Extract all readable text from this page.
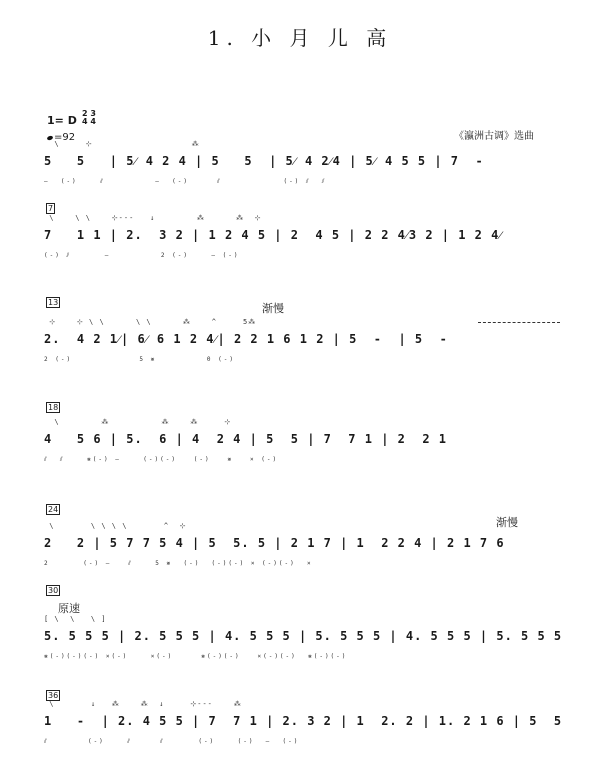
1. 小 月 儿 高
1= D
2 3
4 4
=92	《瀛洲古调》选曲
\     ⊹                   ⁂
5   5   | 5⁄ 4 2 4 | 5   5  | 5⁄ 4 2⁄4 | 5⁄ 4 5 5 | 7  -
—  (-)    ⫽         —  (-)     ⫽           (-) ⫽  ⫽
7
\    \ \    ⊹---   ↓        ⁂      ⁂  ⊹
7   1 1 | 2.  3 2 | 1 2 4 5 | 2  4 5 | 2 2 4⁄3 2 | 1 2 4⁄
(-) ⫽      —         2 (-)    — (-)
13	渐慢
⊹    ⊹ \ \      \ \      ⁂    ^     5⁂
2.  4 2 1⁄| 6⁄ 6 1 2 4⁄| 2 2 1 6 1 2 | 5  -  | 5  -
2 (-)            5 ⨳         0 (-)
18
\        ⁂          ⁂    ⁂     ⊹
4   5 6 | 5.  6 | 4  2 4 | 5  5 | 7  7 1 | 2  2 1
⫽  ⫽    ⨳(-) —    (-)(-)   (-)   ⨳   × (-)
24
渐慢
\       \ \ \ \       ^  ⊹
2   2 | 5 7 7 5 4 | 5  5. 5 | 2 1 7 | 1  2 2 4 | 2 1 7 6
2      (-) —   ⫽    5 ⨳  (-)  (-)(-) × (-)(-)  ×
30
原速
[ \  \   \ ]
5. 5 5 5 | 2. 5 5 5 | 4. 5 5 5 | 5. 5 5 5 | 4. 5 5 5 | 5. 5 5 5
⨳(-)(-)(-) ×(-)    ×(-)     ⨳(-)(-)   ×(-)(-)  ⨳(-)(-)
36
\       ↓   ⁂    ⁂  ↓     ⊹---    ⁂
1   -  | 2. 4 5 5 | 7  7 1 | 2. 3 2 | 1  2. 2 | 1. 2 1 6 | 5  5
⫽       (-)    ⫽     ⫽      (-)    (-)  —  (-)
